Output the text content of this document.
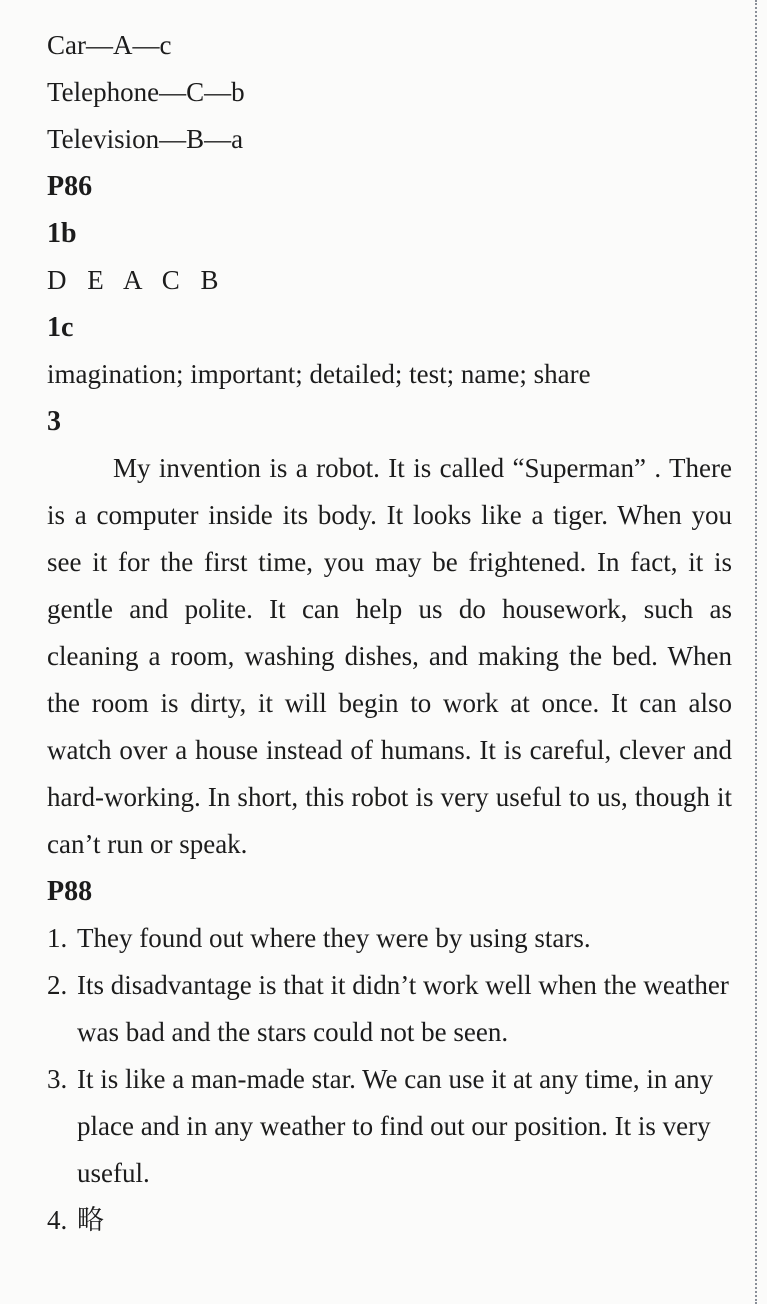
Car—A—c
Telephone—C—b
Television—B—a
P86
1b
D E A C B
1c
imagination; important; detailed; test; name; share
3

My invention is a robot. It is called “Superman” . There is a computer inside its body. It looks like a tiger. When you see it for the first time, you may be frightened. In fact, it is gentle and polite. It can help us do housework, such as cleaning a room, washing dishes, and making the bed. When the room is dirty, it will begin to work at once. It can also watch over a house instead of humans. It is careful, clever and hard-working. In short, this robot is very useful to us, though it can’t run or speak.

P88
1. They found out where they were by using stars.
2. Its disadvantage is that it didn’t work well when the weather was bad and the stars could not be seen.
3. It is like a man-made star. We can use it at any time, in any place and in any weather to find out our position. It is very useful.
4. 略
